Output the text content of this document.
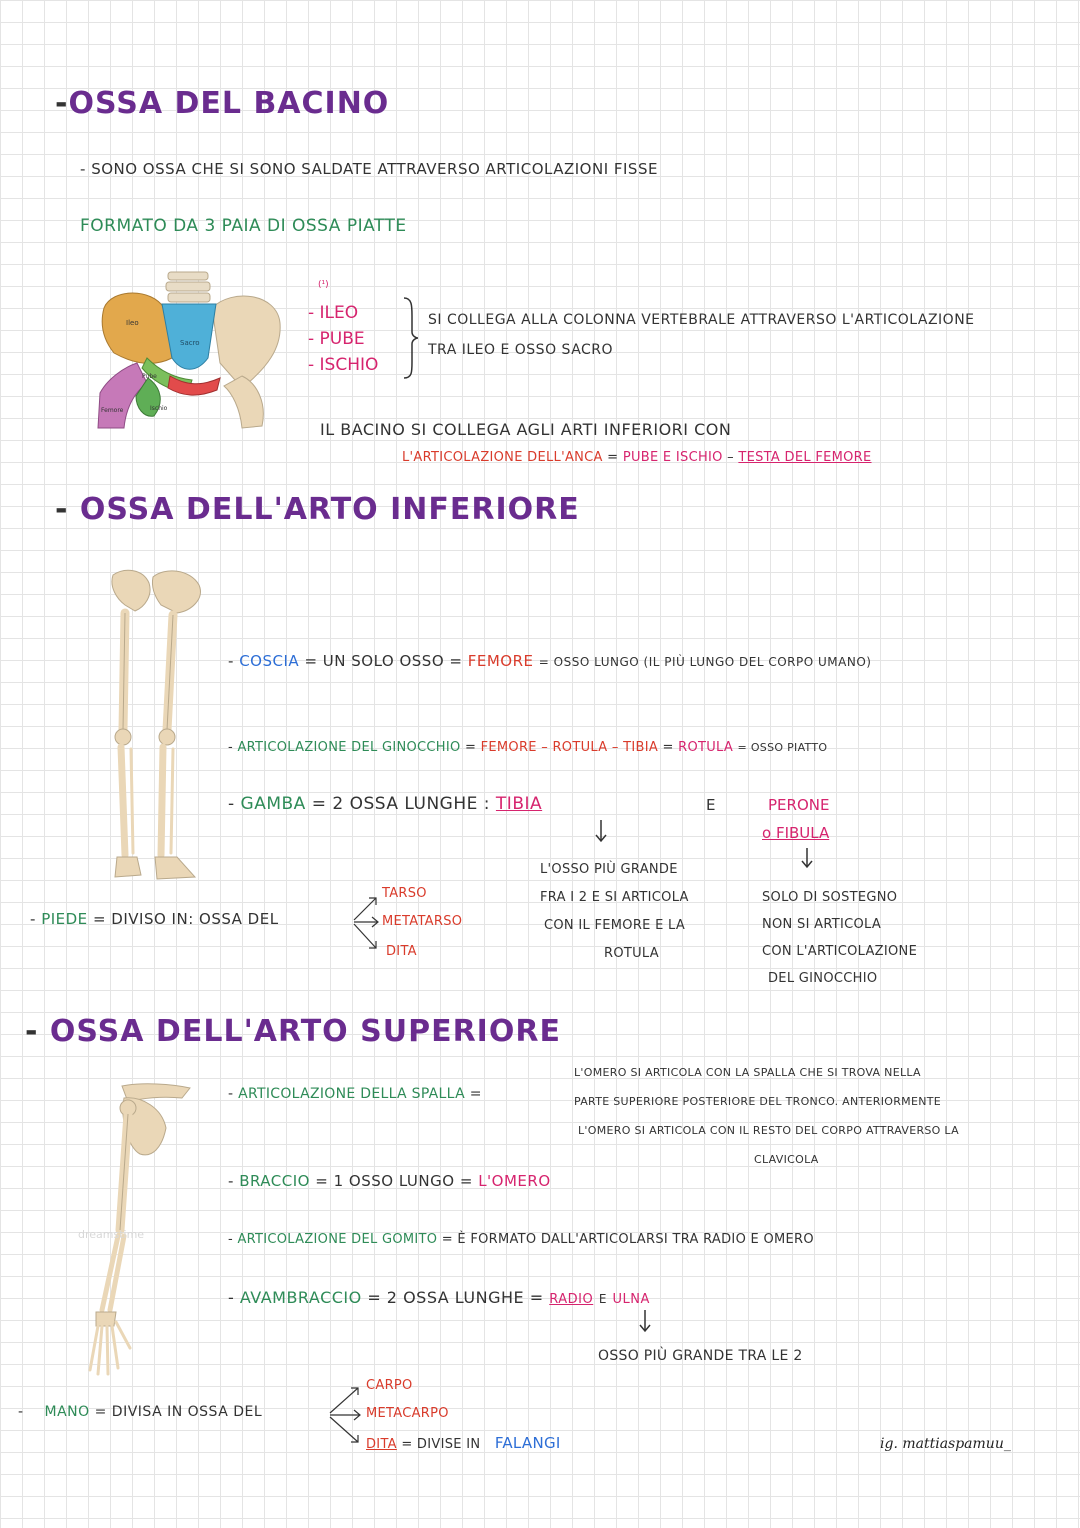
-OSSA DEL BACINO
- SONO OSSA CHE SI SONO SALDATE ATTRAVERSO ARTICOLAZIONI FISSE
FORMATO DA 3 PAIA DI OSSA PIATTE
Ileo
Sacro
Pube
Ischio
Femore
(¹)
- ILEO
- PUBE
- ISCHIO
SI COLLEGA ALLA COLONNA VERTEBRALE ATTRAVERSO L'ARTICOLAZIONE
TRA ILEO E OSSO SACRO
IL BACINO SI COLLEGA AGLI ARTI INFERIORI CON
L'ARTICOLAZIONE DELL'ANCA = PUBE E ISCHIO – TESTA DEL FEMORE
- OSSA DELL'ARTO INFERIORE
- COSCIA = UN SOLO OSSO = FEMORE = OSSO LUNGO (IL PIÙ LUNGO DEL CORPO UMANO)
- ARTICOLAZIONE DEL GINOCCHIO = FEMORE – ROTULA – TIBIA = ROTULA = OSSO PIATTO
- GAMBA = 2 OSSA LUNGHE : TIBIA	E	PERONE
o FIBULA
L'OSSO PIÙ GRANDE
FRA I 2 E SI ARTICOLA
CON IL FEMORE E LA
ROTULA
SOLO DI SOSTEGNO
NON SI ARTICOLA
CON L'ARTICOLAZIONE
DEL GINOCCHIO
- PIEDE = DIVISO IN: OSSA DEL
TARSO
METATARSO
DITA
- OSSA DELL'ARTO SUPERIORE
dreamstime
- ARTICOLAZIONE DELLA SPALLA =
L'OMERO SI ARTICOLA CON LA SPALLA CHE SI TROVA NELLA
PARTE SUPERIORE POSTERIORE DEL TRONCO. ANTERIORMENTE
L'OMERO SI ARTICOLA CON IL RESTO DEL CORPO ATTRAVERSO LA
CLAVICOLA
- BRACCIO = 1 OSSO LUNGO = L'OMERO
- ARTICOLAZIONE DEL GOMITO = È FORMATO DALL'ARTICOLARSI TRA RADIO E OMERO
- AVAMBRACCIO = 2 OSSA LUNGHE = RADIO E ULNA
OSSO PIÙ GRANDE TRA LE 2
- MANO = DIVISA IN OSSA DEL
CARPO
METACARPO
DITA = DIVISE IN FALANGI	ig. mattiaspamuu_
